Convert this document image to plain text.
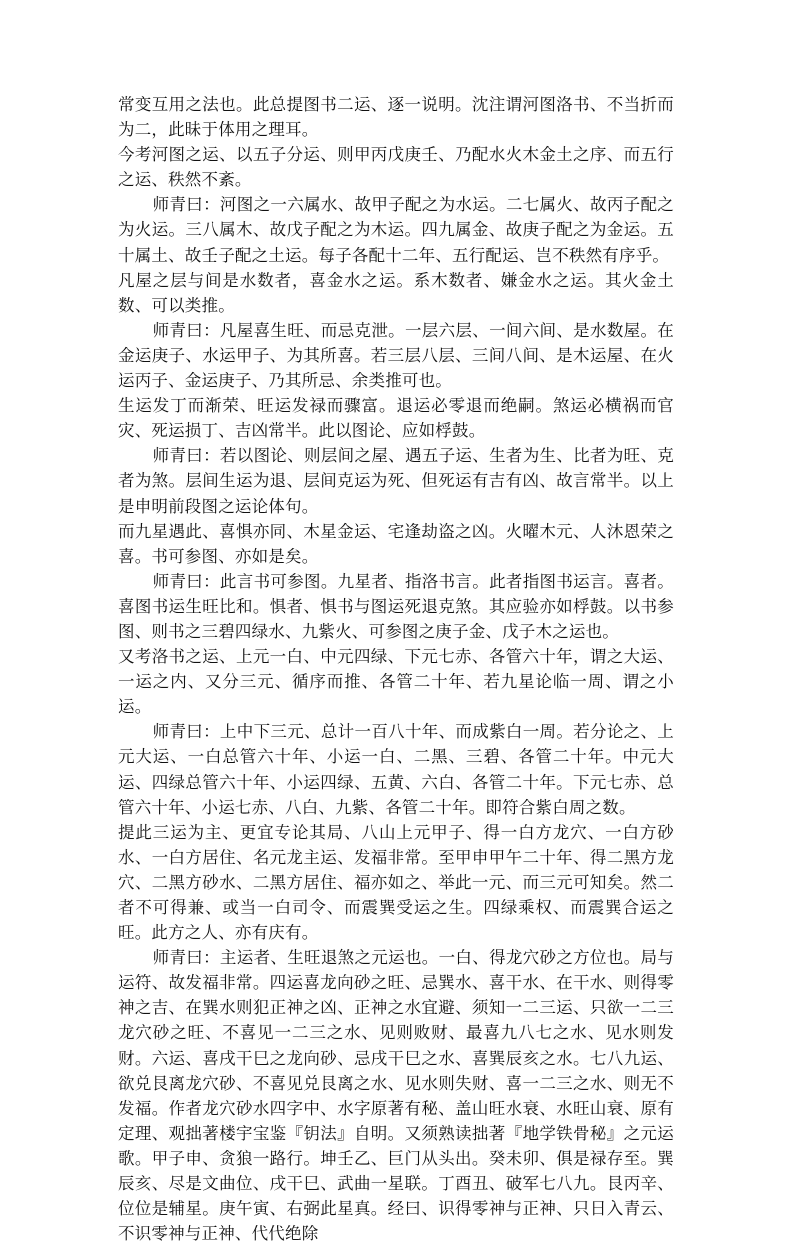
常变互用之法也。此总提图书二运、逐一说明。沈注谓河图洛书、不当折而为二，此昧于体用之理耳。

今考河图之运、以五子分运、则甲丙戊庚壬、乃配水火木金土之序、而五行之运、秩然不紊。

师青曰：河图之一六属水、故甲子配之为水运。二七属火、故丙子配之为火运。三八属木、故戊子配之为木运。四九属金、故庚子配之为金运。五十属土、故壬子配之土运。每子各配十二年、五行配运、岂不秩然有序乎。

凡屋之层与间是水数者，喜金水之运。系木数者、嫌金水之运。其火金土数、可以类推。

师青曰：凡屋喜生旺、而忌克泄。一层六层、一间六间、是水数屋。在金运庚子、水运甲子、为其所喜。若三层八层、三间八间、是木运屋、在火运丙子、金运庚子、乃其所忌、余类推可也。

生运发丁而渐荣、旺运发禄而骤富。退运必零退而绝嗣。煞运必横祸而官灾、死运损丁、吉凶常半。此以图论、应如桴鼓。

师青曰：若以图论、则层间之屋、遇五子运、生者为生、比者为旺、克者为煞。层间生运为退、层间克运为死、但死运有吉有凶、故言常半。以上是申明前段图之运论体句。

而九星遇此、喜惧亦同、木星金运、宅逢劫盗之凶。火曜木元、人沐恩荣之喜。书可参图、亦如是矣。

师青曰：此言书可参图。九星者、指洛书言。此者指图书运言。喜者。喜图书运生旺比和。惧者、惧书与图运死退克煞。其应验亦如桴鼓。以书参图、则书之三碧四绿水、九紫火、可参图之庚子金、戊子木之运也。

又考洛书之运、上元一白、中元四绿、下元七赤、各管六十年，谓之大运、一运之内、又分三元、循序而推、各管二十年、若九星论临一周、谓之小运。

师青曰：上中下三元、总计一百八十年、而成紫白一周。若分论之、上元大运、一白总管六十年、小运一白、二黑、三碧、各管二十年。中元大运、四绿总管六十年、小运四绿、五黄、六白、各管二十年。下元七赤、总管六十年、小运七赤、八白、九紫、各管二十年。即符合紫白周之数。

提此三运为主、更宜专论其局、八山上元甲子、得一白方龙穴、一白方砂水、一白方居住、名元龙主运、发福非常。至甲申甲午二十年、得二黑方龙穴、二黑方砂水、二黑方居住、福亦如之、举此一元、而三元可知矣。然二者不可得兼、或当一白司令、而震巽受运之生。四绿乘权、而震巽合运之旺。此方之人、亦有庆有。

师青曰：主运者、生旺退煞之元运也。一白、得龙穴砂之方位也。局与运符、故发福非常。四运喜龙向砂之旺、忌巽水、喜干水、在干水、则得零神之吉、在巽水则犯正神之凶、正神之水宜避、须知一二三运、只欲一二三龙穴砂之旺、不喜见一二三之水、见则败财、最喜九八七之水、见水则发财。六运、喜戌干巳之龙向砂、忌戌干巳之水、喜巽辰亥之水。七八九运、欲兑艮离龙穴砂、不喜见兑艮离之水、见水则失财、喜一二三之水、则无不发福。作者龙穴砂水四字中、水字原著有秘、盖山旺水衰、水旺山衰、原有定理、观拙著楼宇宝鉴『钥法』自明。又须熟读拙著『地学铁骨秘』之元运歌。甲子申、贪狼一路行。坤壬乙、巨门从头出。癸未卯、俱是禄存至。巽辰亥、尽是文曲位、戌干巳、武曲一星联。丁酉丑、破军七八九。艮丙辛、位位是辅星。庚午寅、右弼此星真。经曰、识得零神与正神、只日入青云、不识零神与正神、代代绝除
